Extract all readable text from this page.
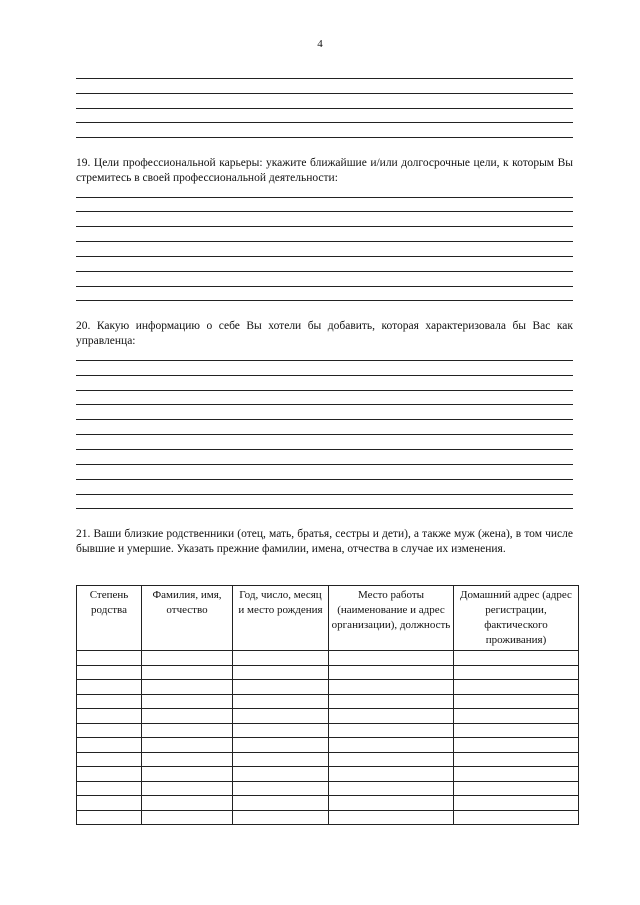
4
19. Цели профессиональной карьеры: укажите ближайшие и/или долгосрочные цели, к которым Вы стремитесь в своей профессиональной деятельности:
20. Какую информацию о себе Вы хотели бы добавить, которая характеризовала бы Вас как управленца:
21. Ваши близкие родственники (отец, мать, братья, сестры и дети), а также муж (жена), в том числе бывшие и умершие. Указать прежние фамилии, имена, отчества в случае их изменения.
Степень родства	Фамилия, имя, отчество	Год, число, месяц и место рождения	Место работы (наименование и адрес организации), должность	Домашний адрес (адрес регистрации, фактического проживания)
